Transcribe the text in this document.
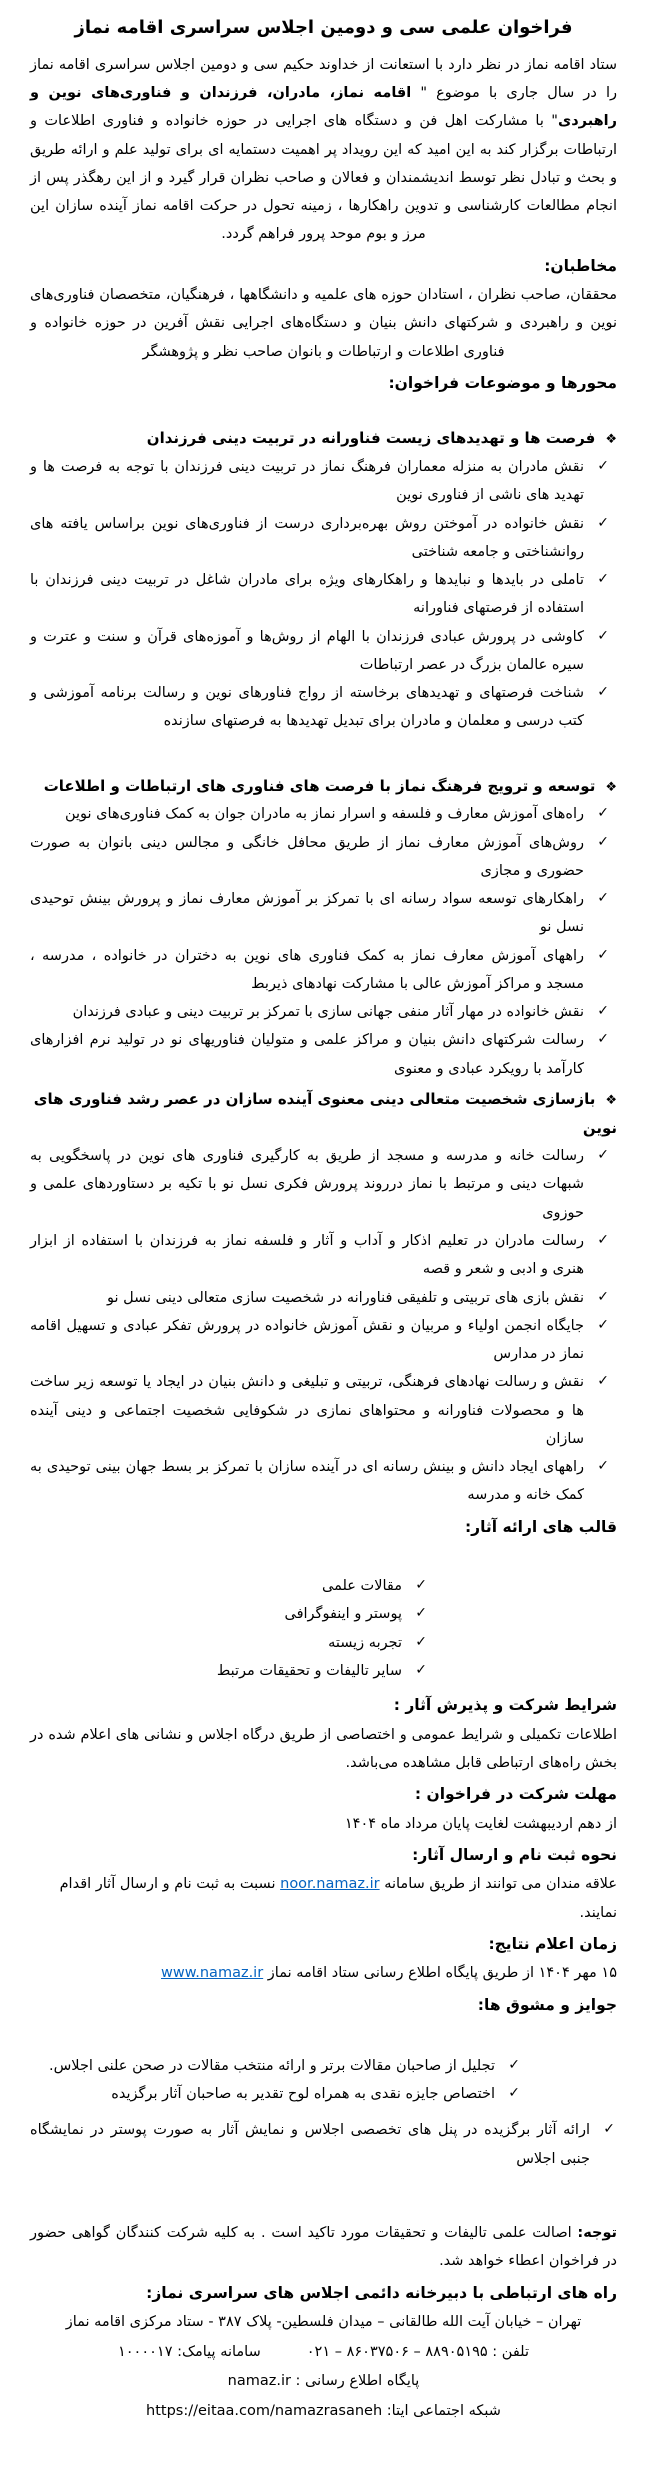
فراخوان علمی سی و دومین اجلاس سراسری اقامه نماز

ستاد اقامه نماز در نظر دارد با استعانت از خداوند حکیم سی و دومین اجلاس سراسری اقامه نماز را در سال جاری با موضوع " اقامه نماز، مادران، فرزندان و فناوری‌های نوین و راهبردی" با مشارکت اهل فن و دستگاه های اجرایی در حوزه خانواده و فناوری اطلاعات و ارتباطات برگزار کند به این امید که این رویداد پر اهمیت دستمایه ای برای تولید علم و ارائه طریق و بحث و تبادل نظر توسط اندیشمندان و فعالان و صاحب نظران قرار گیرد و از این رهگذر پس از انجام مطالعات کارشناسی و تدوین راهکارها ، زمینه تحول در حرکت اقامه نماز آینده سازان این مرز و بوم موحد پرور فراهم گردد.

مخاطبان:

محققان، صاحب نظران ، استادان حوزه های علمیه و دانشگاهها ، فرهنگیان، متخصصان فناوری‌های نوین و راهبردی و شرکتهای دانش بنیان و دستگاه‌های اجرایی نقش آفرین در حوزه خانواده و فناوری اطلاعات و ارتباطات و بانوان صاحب نظر و پژوهشگر

محورها و موضوعات فراخوان:
❖فرصت ها و تهدیدهای زیست فناورانه در تربیت دینی فرزندان
✓
نقش مادران به منزله معماران فرهنگ نماز در تربیت دینی فرزندان با توجه به فرصت ها و تهدید های ناشی از فناوری نوین
✓
نقش خانواده در آموختن روش بهره‌برداری درست از فناوری‌های نوین براساس یافته های روانشناختی و جامعه شناختی
✓
تاملی در بایدها و نبایدها و راهکارهای ویژه برای مادران شاغل در تربیت دینی فرزندان با استفاده از فرصتهای فناورانه
✓
کاوشی در پرورش عبادی فرزندان با الهام از روش‌ها و آموزه‌های قرآن و سنت و عترت و سیره عالمان بزرگ در عصر ارتباطات
✓
شناخت فرصتهای و تهدیدهای برخاسته از رواج فناورهای نوین و رسالت برنامه آموزشی و کتب درسی و معلمان و مادران برای تبدیل تهدیدها به فرصتهای سازنده
❖توسعه و ترویج فرهنگ نماز با فرصت های فناوری های ارتباطات و اطلاعات
✓
راه‌های آموزش معارف و فلسفه و اسرار نماز به مادران جوان به کمک فناوری‌های نوین
✓
روش‌های آموزش معارف نماز از طریق محافل خانگی و مجالس دینی بانوان به صورت حضوری و مجازی
✓
راهکارهای توسعه سواد رسانه ای با تمرکز بر آموزش معارف نماز و پرورش بینش توحیدی نسل نو
✓
راههای آموزش معارف نماز به کمک فناوری های نوین به دختران در خانواده ، مدرسه ، مسجد و مراکز آموزش عالی با مشارکت نهادهای ذیربط
✓
نقش خانواده در مهار آثار منفی جهانی سازی با تمرکز بر تربیت دینی و عبادی فرزندان
✓
رسالت شرکتهای دانش بنیان و مراکز علمی و متولیان فناوریهای نو در تولید نرم افزارهای کارآمد با رویکرد عبادی و معنوی
❖بازسازی شخصیت متعالی دینی معنوی آینده سازان در عصر رشد فناوری های نوین
✓
رسالت خانه و مدرسه و مسجد از طریق به کارگیری فناوری های نوین در پاسخگویی به شبهات دینی و مرتبط با نماز درروند پرورش فکری نسل نو با تکیه بر دستاوردهای علمی و حوزوی
✓
رسالت مادران در تعلیم اذکار و آداب و آثار و فلسفه نماز به فرزندان با استفاده از ابزار هنری و ادبی و شعر و قصه
✓
نقش بازی های تربیتی و تلفیقی فناورانه در شخصیت سازی متعالی دینی نسل نو
✓
جایگاه انجمن اولیاء و مربیان و نقش آموزش خانواده در پرورش تفکر عبادی و تسهیل اقامه نماز در مدارس
✓
نقش و رسالت نهادهای فرهنگی، تربیتی و تبلیغی و دانش بنیان در ایجاد یا توسعه زیر ساخت ها و محصولات فناورانه و محتواهای نمازی در شکوفایی شخصیت اجتماعی و دینی آینده سازان
✓
راههای ایجاد دانش و بینش رسانه ای در آینده سازان با تمرکز بر بسط جهان بینی توحیدی به کمک خانه و مدرسه
قالب های ارائه آثار:
✓
مقالات علمی
✓
پوستر و اینفوگرافی
✓
تجربه زیسته
✓
سایر تالیفات و تحقیقات مرتبط
شرایط شرکت و پذیرش آثار :

اطلاعات تکمیلی و شرایط عمومی و اختصاصی از طریق درگاه اجلاس و نشانی های اعلام شده در بخش راه‌های ارتباطی قابل مشاهده می‌باشد.

مهلت شرکت در فراخوان :

از دهم اردیبهشت لغایت پایان مرداد ماه ۱۴۰۴

نحوه ثبت نام و ارسال آثار:

علاقه مندان می توانند از طریق سامانه noor.namaz.ir نسبت به ثبت نام و ارسال آثار اقدام نمایند.

زمان اعلام نتایج:

۱۵ مهر ۱۴۰۴ از طریق پایگاه اطلاع رسانی ستاد اقامه نماز www.namaz.ir

جوایز و مشوق ها:
✓
تجلیل از صاحبان مقالات برتر و ارائه منتخب مقالات در صحن علنی اجلاس.
✓
اختصاص جایزه نقدی به همراه لوح تقدیر به صاحبان آثار برگزیده
✓
ارائه آثار برگزیده در پنل های تخصصی اجلاس و نمایش آثار به صورت پوستر در نمایشگاه جنبی اجلاس

توجه: اصالت علمی تالیفات و تحقیقات مورد تاکید است . به کلیه شرکت کنندگان گواهی حضور در فراخوان اعطاء خواهد شد.

راه های ارتباطی با دبیرخانه دائمی اجلاس های سراسری نماز:
تهران – خیابان آیت الله طالقانی – میدان فلسطین- پلاک ۳۸۷ - ستاد مرکزی اقامه نماز
تلفن : ۸۸۹۰۵۱۹۵ – ۸۶۰۳۷۵۰۶ – ۰۲۱سامانه پیامک: ۱۰۰۰۰۱۷
پایگاه اطلاع رسانی : namaz.ir
شبکه اجتماعی ایتا: https://eitaa.com/namazrasaneh
